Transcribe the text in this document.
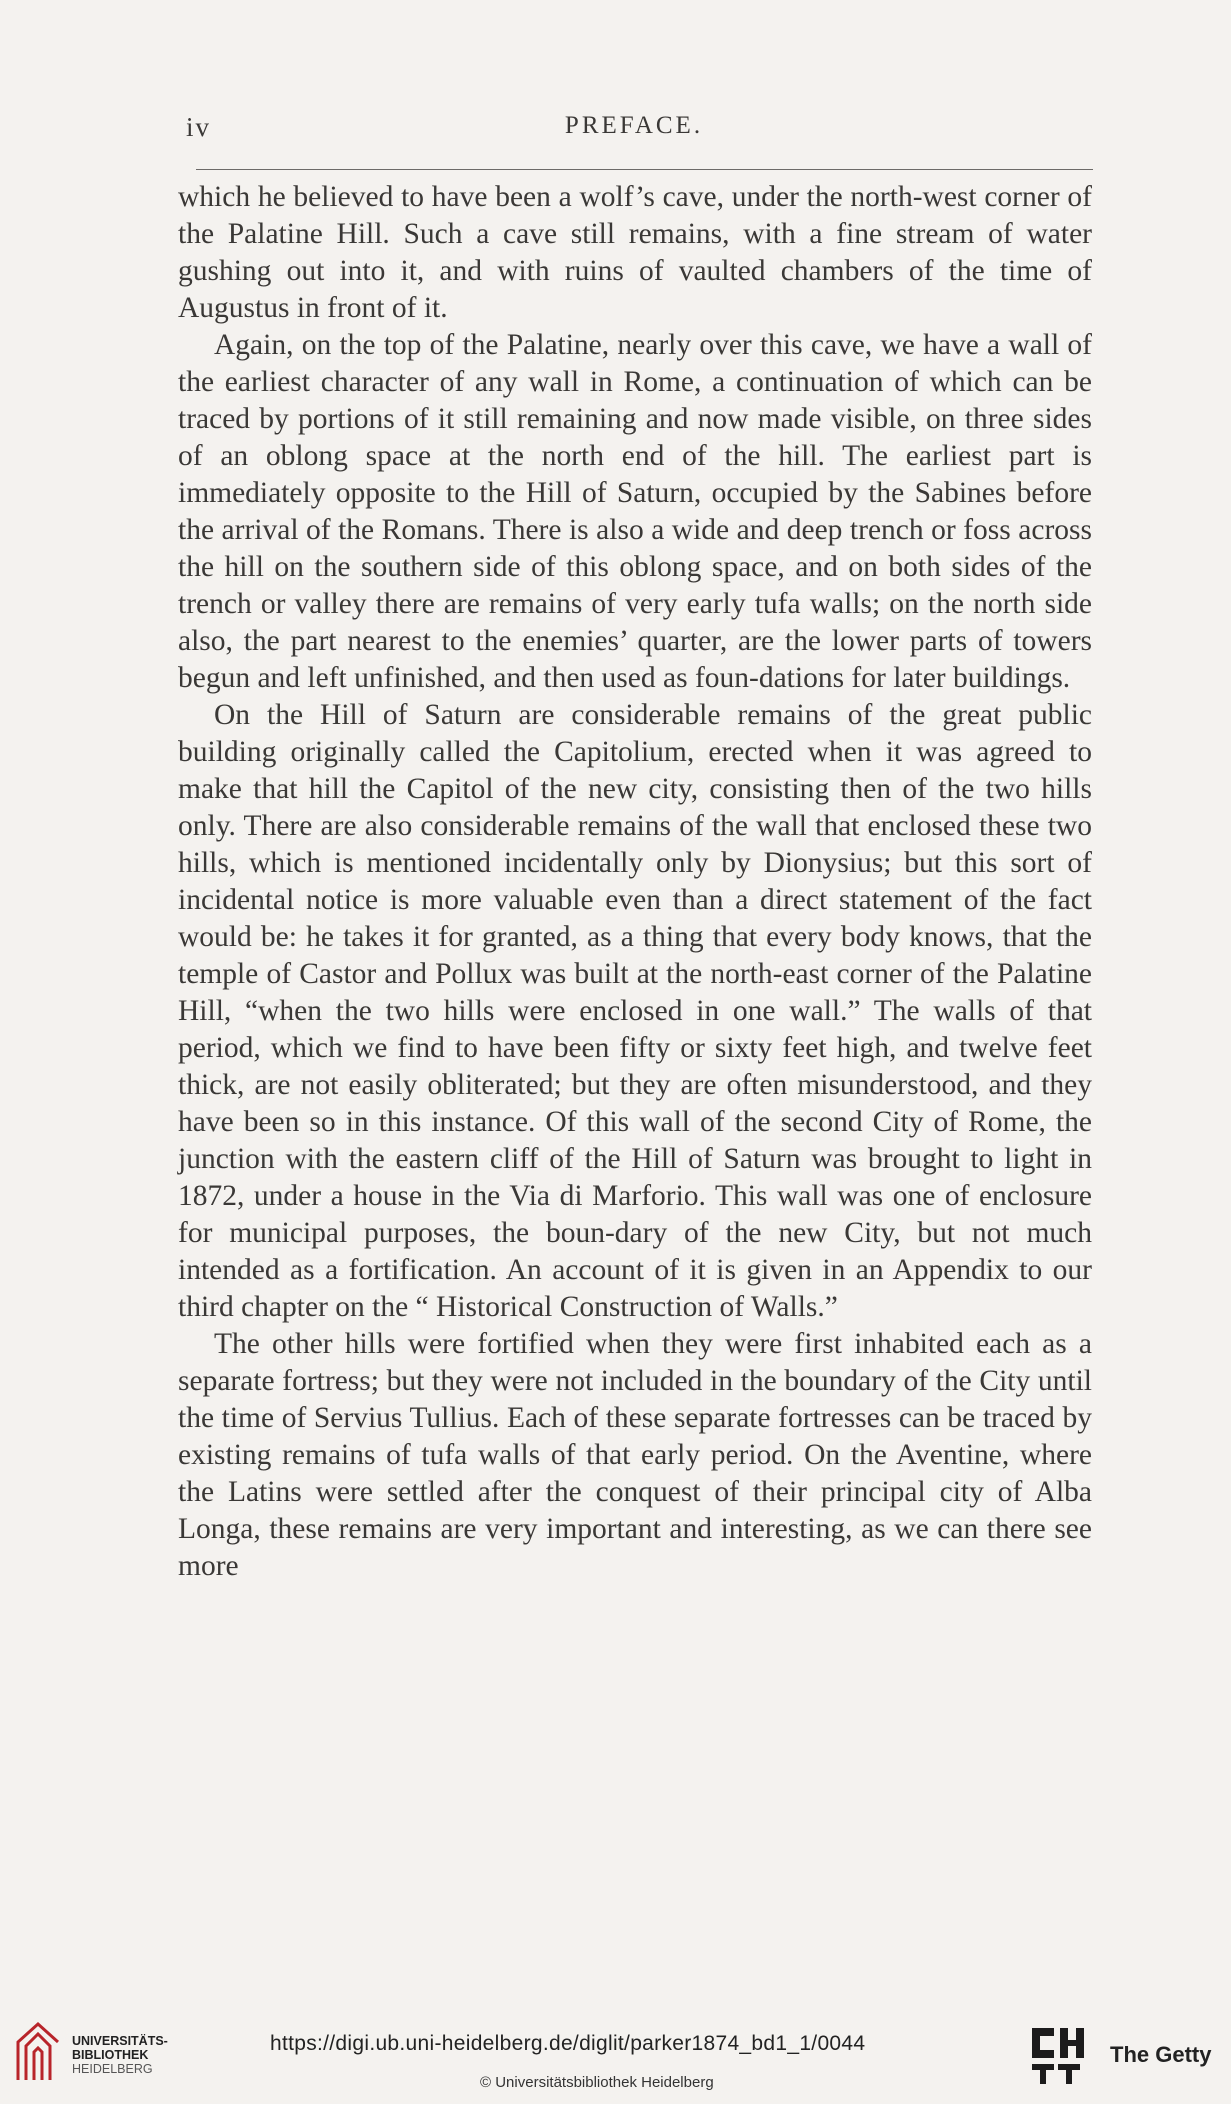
iv	PREFACE.

which he believed to have been a wolf’s cave, under the north-west corner of the Palatine Hill. Such a cave still remains, with a fine stream of water gushing out into it, and with ruins of vaulted chambers of the time of Augustus in front of it.

Again, on the top of the Palatine, nearly over this cave, we have a wall of the earliest character of any wall in Rome, a continuation of which can be traced by portions of it still remaining and now made visible, on three sides of an oblong space at the north end of the hill. The earliest part is immediately opposite to the Hill of Saturn, occupied by the Sabines before the arrival of the Romans. There is also a wide and deep trench or foss across the hill on the southern side of this oblong space, and on both sides of the trench or valley there are remains of very early tufa walls; on the north side also, the part nearest to the enemies’ quarter, are the lower parts of towers begun and left unfinished, and then used as foun-dations for later buildings.

On the Hill of Saturn are considerable remains of the great public building originally called the Capitolium, erected when it was agreed to make that hill the Capitol of the new city, consisting then of the two hills only. There are also considerable remains of the wall that enclosed these two hills, which is mentioned incidentally only by Dionysius; but this sort of incidental notice is more valuable even than a direct statement of the fact would be: he takes it for granted, as a thing that every body knows, that the temple of Castor and Pollux was built at the north-east corner of the Palatine Hill, “when the two hills were enclosed in one wall.” The walls of that period, which we find to have been fifty or sixty feet high, and twelve feet thick, are not easily obliterated; but they are often misunderstood, and they have been so in this instance. Of this wall of the second City of Rome, the junction with the eastern cliff of the Hill of Saturn was brought to light in 1872, under a house in the Via di Marforio. This wall was one of enclosure for municipal purposes, the boun-dary of the new City, but not much intended as a fortification. An account of it is given in an Appendix to our third chapter on the “ Historical Construction of Walls.”

The other hills were fortified when they were first inhabited each as a separate fortress; but they were not included in the boundary of the City until the time of Servius Tullius. Each of these separate fortresses can be traced by existing remains of tufa walls of that early period. On the Aventine, where the Latins were settled after the conquest of their principal city of Alba Longa, these remains are very important and interesting, as we can there see more

UNIVERSITÄTS-
BIBLIOTHEK
HEIDELBERG
https://digi.ub.uni-heidelberg.de/diglit/parker1874_bd1_1/0044
© Universitätsbibliothek Heidelberg
The Getty
